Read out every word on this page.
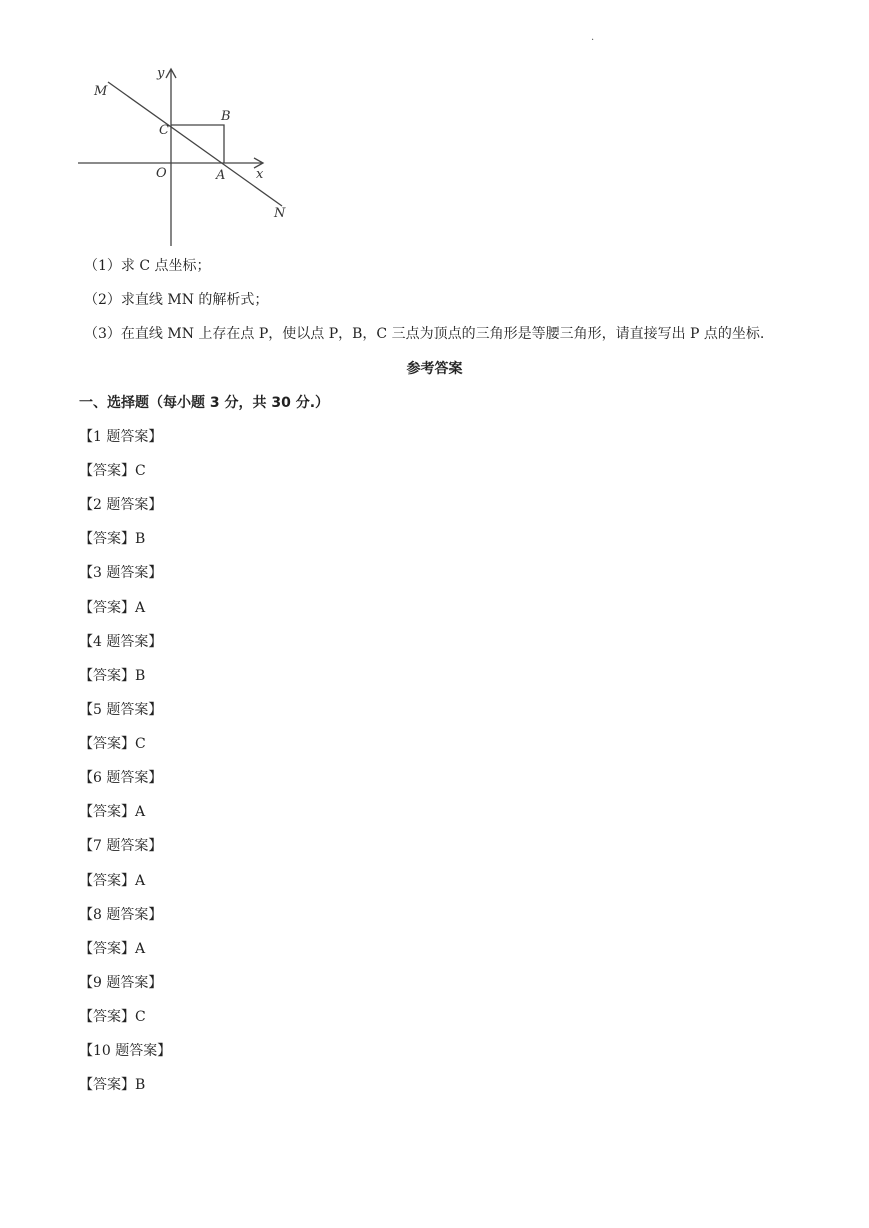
.
M
y
B
C
O	A x
N
（1）求 C 点坐标；
（2）求直线 MN 的解析式；
（3）在直线 MN 上存在点 P，使以点 P，B，C 三点为顶点的三角形是等腰三角形，请直接写出 P 点的坐标.
参考答案
一、选择题（每小题 3 分，共 30 分.）
【1 题答案】
【答案】C
【2 题答案】
【答案】B
【3 题答案】
【答案】A
【4 题答案】
【答案】B
【5 题答案】
【答案】C
【6 题答案】
【答案】A
【7 题答案】
【答案】A
【8 题答案】
【答案】A
【9 题答案】
【答案】C
【10 题答案】
【答案】B
